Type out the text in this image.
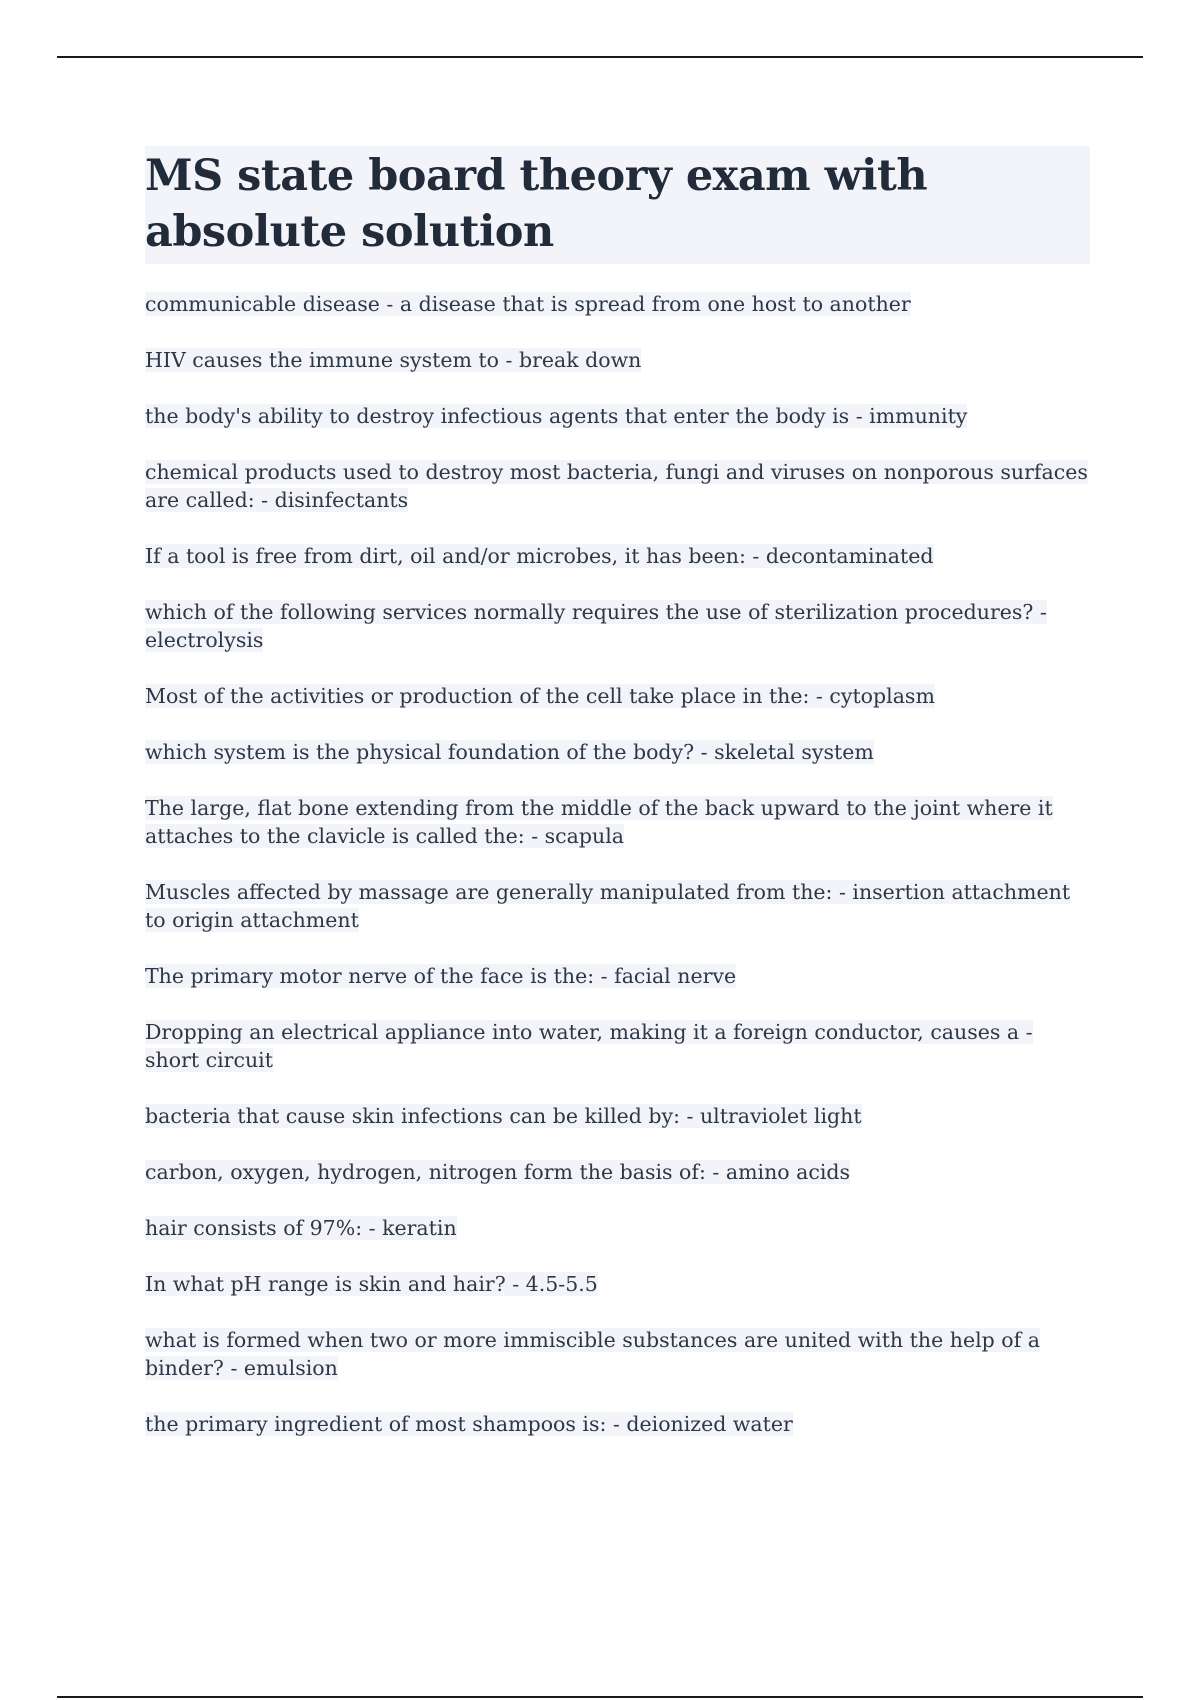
MS state board theory exam with absolute solution
communicable disease - a disease that is spread from one host to another
HIV causes the immune system to - break down
the body's ability to destroy infectious agents that enter the body is - immunity
chemical products used to destroy most bacteria, fungi and viruses on nonporous surfaces are called: - disinfectants
If a tool is free from dirt, oil and/or microbes, it has been: - decontaminated
which of the following services normally requires the use of sterilization procedures? - electrolysis
Most of the activities or production of the cell take place in the: - cytoplasm
which system is the physical foundation of the body? - skeletal system
The large, flat bone extending from the middle of the back upward to the joint where it attaches to the clavicle is called the: - scapula
Muscles affected by massage are generally manipulated from the: - insertion attachment to origin attachment
The primary motor nerve of the face is the: - facial nerve
Dropping an electrical appliance into water, making it a foreign conductor, causes a - short circuit
bacteria that cause skin infections can be killed by: - ultraviolet light
carbon, oxygen, hydrogen, nitrogen form the basis of: - amino acids
hair consists of 97%: - keratin
In what pH range is skin and hair? - 4.5-5.5
what is formed when two or more immiscible substances are united with the help of a binder? - emulsion
the primary ingredient of most shampoos is: - deionized water
